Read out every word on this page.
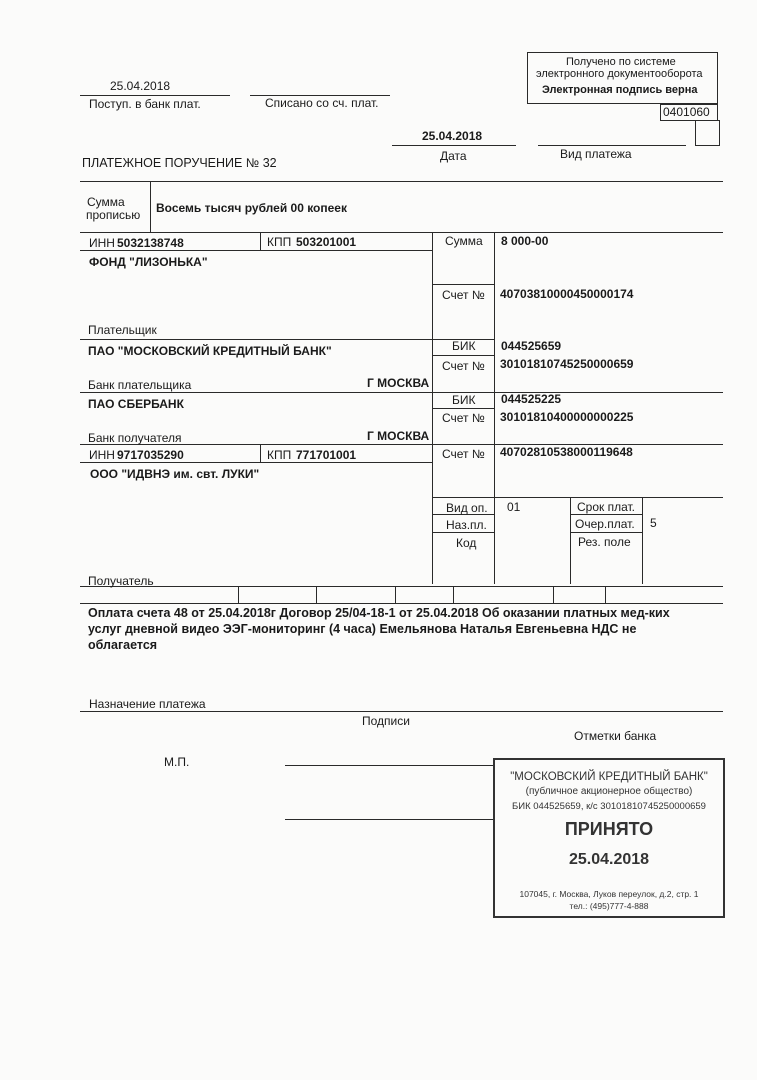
Получено по системе
электронного документооборота
Электронная подпись верна
0401060
25.04.2018
Поступ. в банк плат.	Списано со сч. плат.
25.04.2018
Дата	Вид платежа
ПЛАТЕЖНОЕ ПОРУЧЕНИЕ № 32
Сумма
прописью Восемь тысяч рублей 00 копеек
ИНН 5032138748	КПП 503201001
ФОНД "ЛИЗОНЬКА"
Плательщик
Сумма 8 000-00
Счет № 40703810000450000174
ПАО "МОСКОВСКИЙ КРЕДИТНЫЙ БАНК"
Банк плательщика	Г МОСКВА
БИК 044525659
Счет № 30101810745250000659
ПАО СБЕРБАНК
Банк получателя	Г МОСКВА
БИК 044525225
Счет № 30101810400000000225
ИНН 9717035290	КПП 771701001
ООО "ИДВНЭ им. свт. ЛУКИ"
Получатель
Счет № 40702810538000119648
Вид оп. 01
Наз.пл.
Код
Срок плат.
Очер.плат. 5
Рез. поле
Оплата счета 48 от 25.04.2018г Договор 25/04-18-1 от 25.04.2018 Об оказании платных мед-ких услуг дневной видео ЭЭГ-мониторинг (4 часа) Емельянова Наталья Евгеньевна НДС не облагается
Назначение платежа
Подписи
Отметки банка
М.П.
"МОСКОВСКИЙ КРЕДИТНЫЙ БАНК"
(публичное акционерное общество)
БИК 044525659, к/с 30101810745250000659
ПРИНЯТО
25.04.2018
107045, г. Москва, Луков переулок, д.2, стр. 1
тел.: (495)777-4-888
